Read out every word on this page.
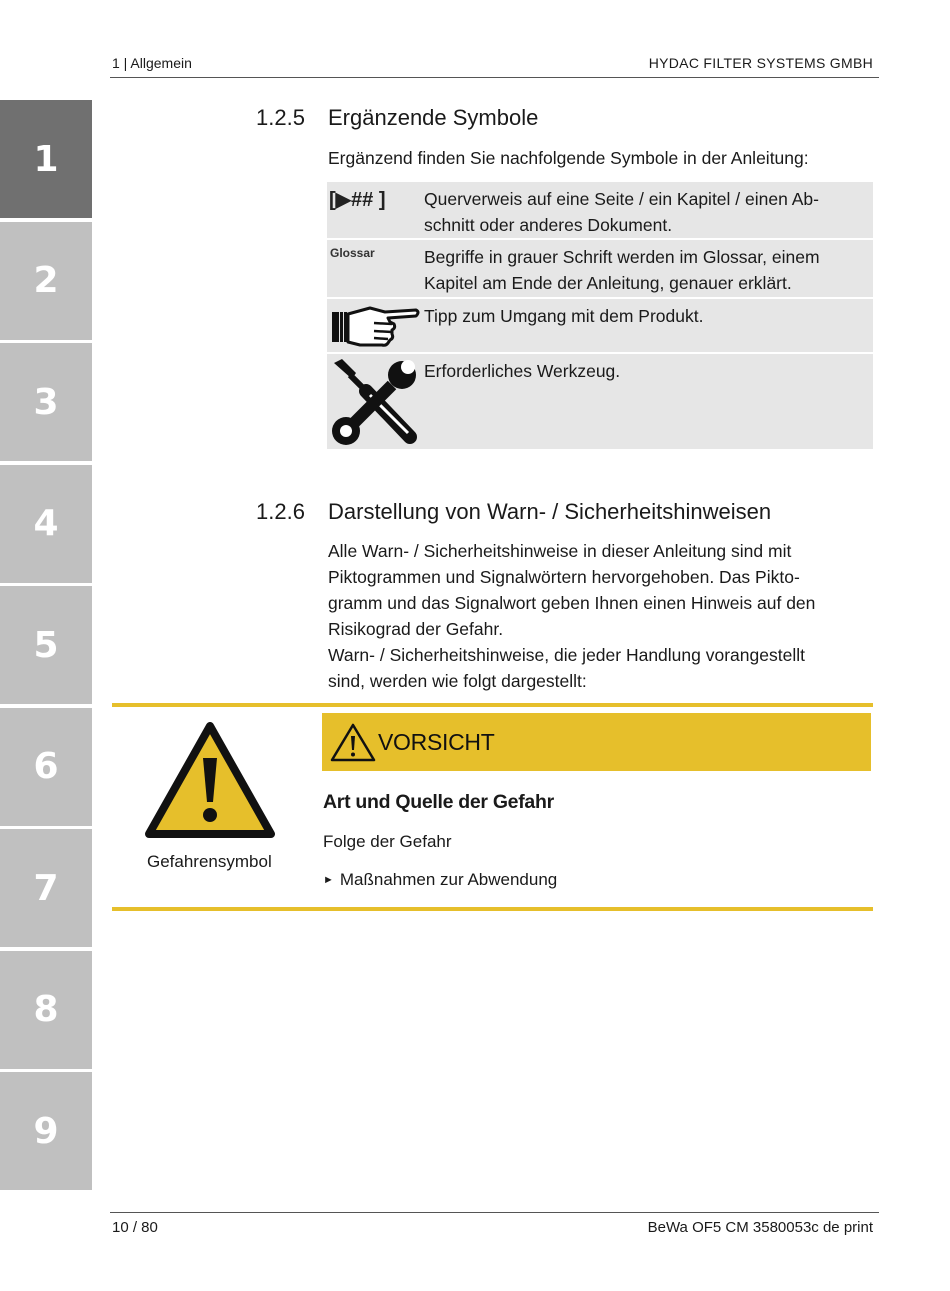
1 | Allgemein	HYDAC FILTER SYSTEMS GMBH
1
2
3
4
5
6
7
8
9
1.2.5 Ergänzende Symbole
Ergänzend finden Sie nachfolgende Symbole in der Anleitung:
[▶## ] Querverweis auf eine Seite / ein Kapitel / einen Ab-schnitt oder anderes Dokument.
Glossar	Begriffe in grauer Schrift werden im Glossar, einem Kapitel am Ende der Anleitung, genauer erklärt.
Tipp zum Umgang mit dem Produkt.
Erforderliches Werkzeug.
1.2.6 Darstellung von Warn- / Sicherheitshinweisen
Alle Warn- / Sicherheitshinweise in dieser Anleitung sind mit
Piktogrammen und Signalwörtern hervorgehoben. Das Pikto-
gramm und das Signalwort geben Ihnen einen Hinweis auf den
Risikograd der Gefahr.
Warn- / Sicherheitshinweise, die jeder Handlung vorangestellt
sind, werden wie folgt dargestellt:
Gefahrensymbol
VORSICHT
Art und Quelle der Gefahr
Folge der Gefahr
► Maßnahmen zur Abwendung
10 / 80	BeWa OF5 CM 3580053c de print
